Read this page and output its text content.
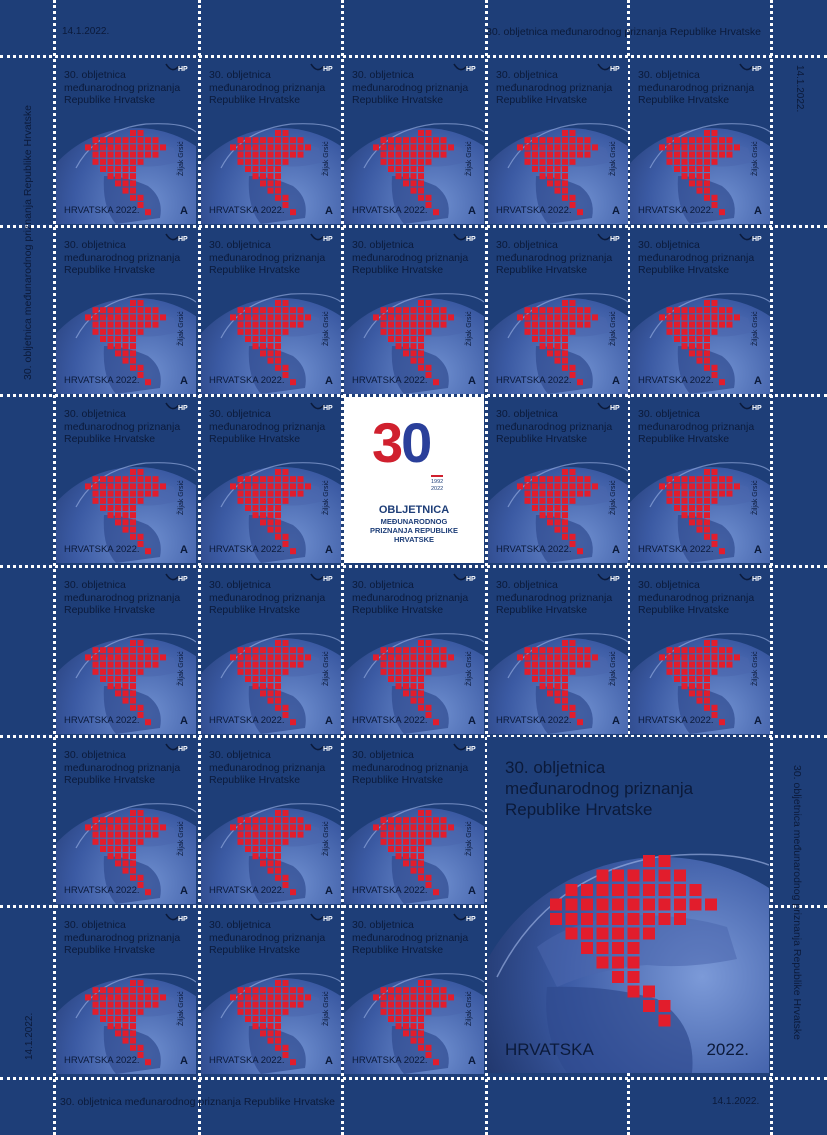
14.1.2022.	30. obljetnica međunarodnog priznanja Republike Hrvatske
30. obljetnica međunarodnog priznanja Republike Hrvatske	14.1.2022.
30. obljetnica međunarodnog priznanja Republike Hrvatske
14.1.2022.
14.1.2022.
30. obljetnica međunarodnog priznanja Republike Hrvatske
30. obljetnica
međunarodnog priznanja
Republike Hrvatske
HP
Žiljak Grsić
HRVATSKA 2022.	A
30. obljetnica
međunarodnog priznanja
Republike Hrvatske
HP
Žiljak Grsić
HRVATSKA 2022.	A
30. obljetnica
međunarodnog priznanja
Republike Hrvatske
HP
Žiljak Grsić
HRVATSKA 2022.	A
30. obljetnica
međunarodnog priznanja
Republike Hrvatske
HP
Žiljak Grsić
HRVATSKA 2022.	A
30. obljetnica
međunarodnog priznanja
Republike Hrvatske
HP
Žiljak Grsić
HRVATSKA 2022.	A
30. obljetnica
međunarodnog priznanja
Republike Hrvatske
HP
Žiljak Grsić
HRVATSKA 2022.	A
30. obljetnica
međunarodnog priznanja
Republike Hrvatske
HP
Žiljak Grsić
HRVATSKA 2022.	A
30. obljetnica
međunarodnog priznanja
Republike Hrvatske
HP
Žiljak Grsić
HRVATSKA 2022.	A
30. obljetnica
međunarodnog priznanja
Republike Hrvatske
HP
Žiljak Grsić
HRVATSKA 2022.	A
30. obljetnica
međunarodnog priznanja
Republike Hrvatske
HP
Žiljak Grsić
HRVATSKA 2022.	A
30. obljetnica
međunarodnog priznanja
Republike Hrvatske
HP
Žiljak Grsić
HRVATSKA 2022.	A
30. obljetnica
međunarodnog priznanja
Republike Hrvatske
HP
Žiljak Grsić
HRVATSKA 2022.	A
30. obljetnica
međunarodnog priznanja
Republike Hrvatske
HP
Žiljak Grsić
HRVATSKA 2022.	A
30. obljetnica
međunarodnog priznanja
Republike Hrvatske
HP
Žiljak Grsić
HRVATSKA 2022.	A
30. obljetnica
međunarodnog priznanja
Republike Hrvatske
HP
Žiljak Grsić
HRVATSKA 2022.	A
30. obljetnica
međunarodnog priznanja
Republike Hrvatske
HP
Žiljak Grsić
HRVATSKA 2022.	A
30. obljetnica
međunarodnog priznanja
Republike Hrvatske
HP
Žiljak Grsić
HRVATSKA 2022.	A
30. obljetnica
međunarodnog priznanja
Republike Hrvatske
HP
Žiljak Grsić
HRVATSKA 2022.	A
30. obljetnica
međunarodnog priznanja
Republike Hrvatske
HP
Žiljak Grsić
HRVATSKA 2022.	A
30. obljetnica
međunarodnog priznanja
Republike Hrvatske
HP
Žiljak Grsić
HRVATSKA 2022.	A
30. obljetnica
međunarodnog priznanja
Republike Hrvatske
HP
Žiljak Grsić
HRVATSKA 2022.	A
30. obljetnica
međunarodnog priznanja
Republike Hrvatske
HP
Žiljak Grsić
HRVATSKA 2022.	A
30. obljetnica
međunarodnog priznanja
Republike Hrvatske
HP
Žiljak Grsić
HRVATSKA 2022.	A
30. obljetnica
međunarodnog priznanja
Republike Hrvatske
HP
Žiljak Grsić
HRVATSKA 2022.	A
30. obljetnica
međunarodnog priznanja
Republike Hrvatske
HP
Žiljak Grsić
HRVATSKA 2022.	A
30
1992
2022
OBLJETNICA
MEĐUNARODNOG
PRIZNANJA REPUBLIKE
HRVATSKE
30. obljetnica
međunarodnog priznanja
Republike Hrvatske
HRVATSKA	2022.
